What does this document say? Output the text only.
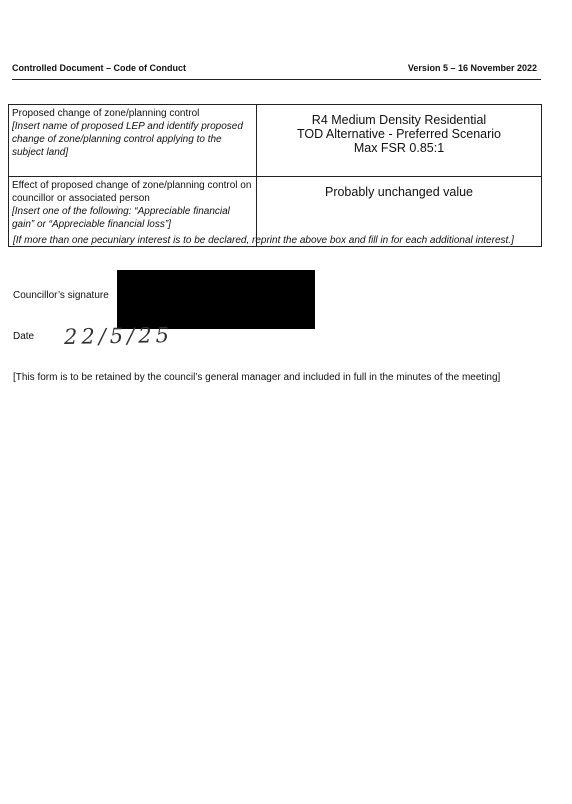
Controlled Document – Code of Conduct	Version 5 – 16 November 2022
Proposed change of zone/planning control
[Insert name of proposed LEP and identify proposed change of zone/planning control applying to the subject land]	R4 Medium Density Residential
TOD Alternative - Preferred Scenario
Max FSR 0.85:1

Effect of proposed change of zone/planning control on councillor or associated person
[Insert one of the following: “Appreciable financial gain” or “Appreciable financial loss”]	Probably unchanged value
[If more than one pecuniary interest is to be declared, reprint the above box and fill in for each additional interest.]
Councillor’s signature
Date 22/5/25
[This form is to be retained by the council’s general manager and included in full in the minutes of the meeting]
